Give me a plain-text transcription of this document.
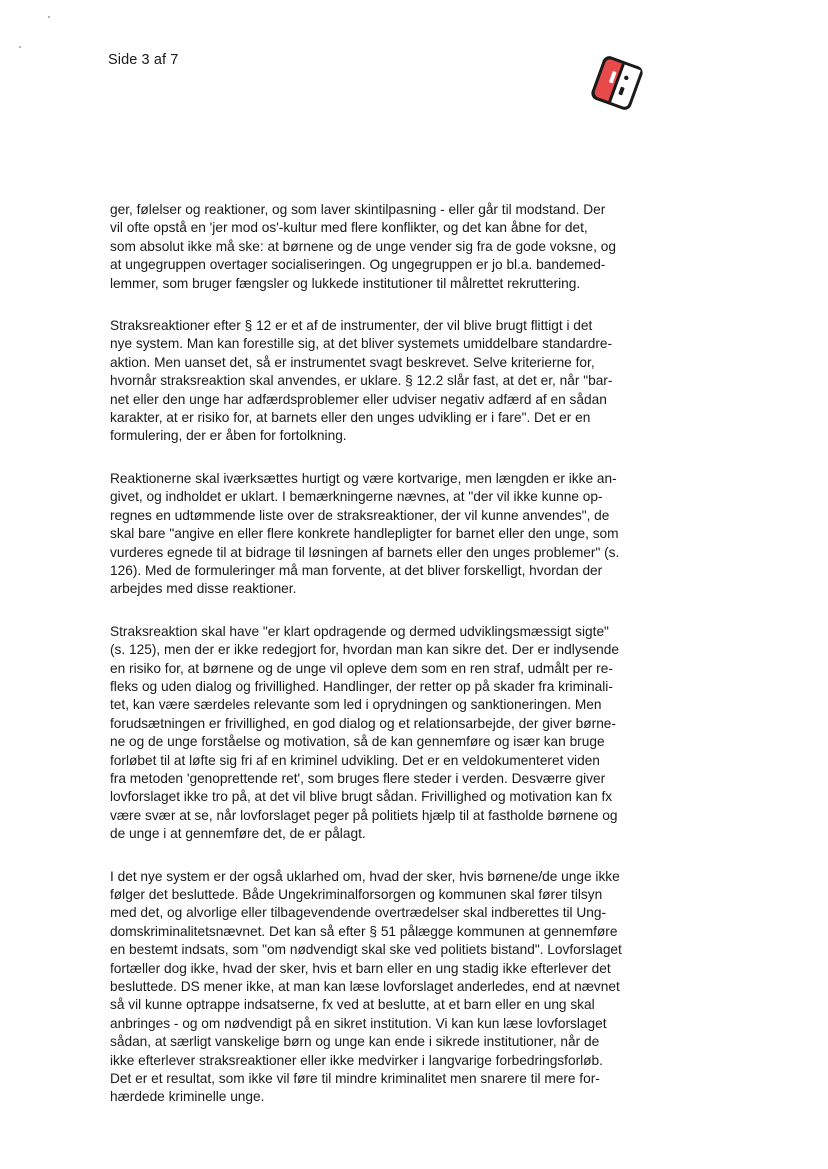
Side 3 af 7
ger, følelser og reaktioner, og som laver skintilpasning - eller går til modstand. Der
vil ofte opstå en 'jer mod os'-kultur med flere konflikter, og det kan åbne for det,
som absolut ikke må ske: at børnene og de unge vender sig fra de gode voksne, og
at ungegruppen overtager socialiseringen. Og ungegruppen er jo bl.a. bandemed-
lemmer, som bruger fængsler og lukkede institutioner til målrettet rekruttering.
Straksreaktioner efter § 12 er et af de instrumenter, der vil blive brugt flittigt i det
nye system. Man kan forestille sig, at det bliver systemets umiddelbare standardre-
aktion. Men uanset det, så er instrumentet svagt beskrevet. Selve kriterierne for,
hvornår straksreaktion skal anvendes, er uklare. § 12.2 slår fast, at det er, når "bar-
net eller den unge har adfærdsproblemer eller udviser negativ adfærd af en sådan
karakter, at er risiko for, at barnets eller den unges udvikling er i fare". Det er en
formulering, der er åben for fortolkning.
Reaktionerne skal iværksættes hurtigt og være kortvarige, men længden er ikke an-
givet, og indholdet er uklart. I bemærkningerne nævnes, at "der vil ikke kunne op-
regnes en udtømmende liste over de straksreaktioner, der vil kunne anvendes", de
skal bare "angive en eller flere konkrete handlepligter for barnet eller den unge, som
vurderes egnede til at bidrage til løsningen af barnets eller den unges problemer" (s.
126). Med de formuleringer må man forvente, at det bliver forskelligt, hvordan der
arbejdes med disse reaktioner.
Straksreaktion skal have "er klart opdragende og dermed udviklingsmæssigt sigte"
(s. 125), men der er ikke redegjort for, hvordan man kan sikre det. Der er indlysende
en risiko for, at børnene og de unge vil opleve dem som en ren straf, udmålt per re-
fleks og uden dialog og frivillighed. Handlinger, der retter op på skader fra kriminali-
tet, kan være særdeles relevante som led i oprydningen og sanktioneringen. Men
forudsætningen er frivillighed, en god dialog og et relationsarbejde, der giver børne-
ne og de unge forståelse og motivation, så de kan gennemføre og især kan bruge
forløbet til at løfte sig fri af en kriminel udvikling. Det er en veldokumenteret viden
fra metoden 'genoprettende ret', som bruges flere steder i verden. Desværre giver
lovforslaget ikke tro på, at det vil blive brugt sådan. Frivillighed og motivation kan fx
være svær at se, når lovforslaget peger på politiets hjælp til at fastholde børnene og
de unge i at gennemføre det, de er pålagt.
I det nye system er der også uklarhed om, hvad der sker, hvis børnene/de unge ikke
følger det besluttede. Både Ungekriminalforsorgen og kommunen skal fører tilsyn
med det, og alvorlige eller tilbagevendende overtrædelser skal indberettes til Ung-
domskriminalitetsnævnet. Det kan så efter § 51 pålægge kommunen at gennemføre
en bestemt indsats, som "om nødvendigt skal ske ved politiets bistand". Lovforslaget
fortæller dog ikke, hvad der sker, hvis et barn eller en ung stadig ikke efterlever det
besluttede. DS mener ikke, at man kan læse lovforslaget anderledes, end at nævnet
så vil kunne optrappe indsatserne, fx ved at beslutte, at et barn eller en ung skal
anbringes - og om nødvendigt på en sikret institution. Vi kan kun læse lovforslaget
sådan, at særligt vanskelige børn og unge kan ende i sikrede institutioner, når de
ikke efterlever straksreaktioner eller ikke medvirker i langvarige forbedringsforløb.
Det er et resultat, som ikke vil føre til mindre kriminalitet men snarere til mere for-
hærdede kriminelle unge.
